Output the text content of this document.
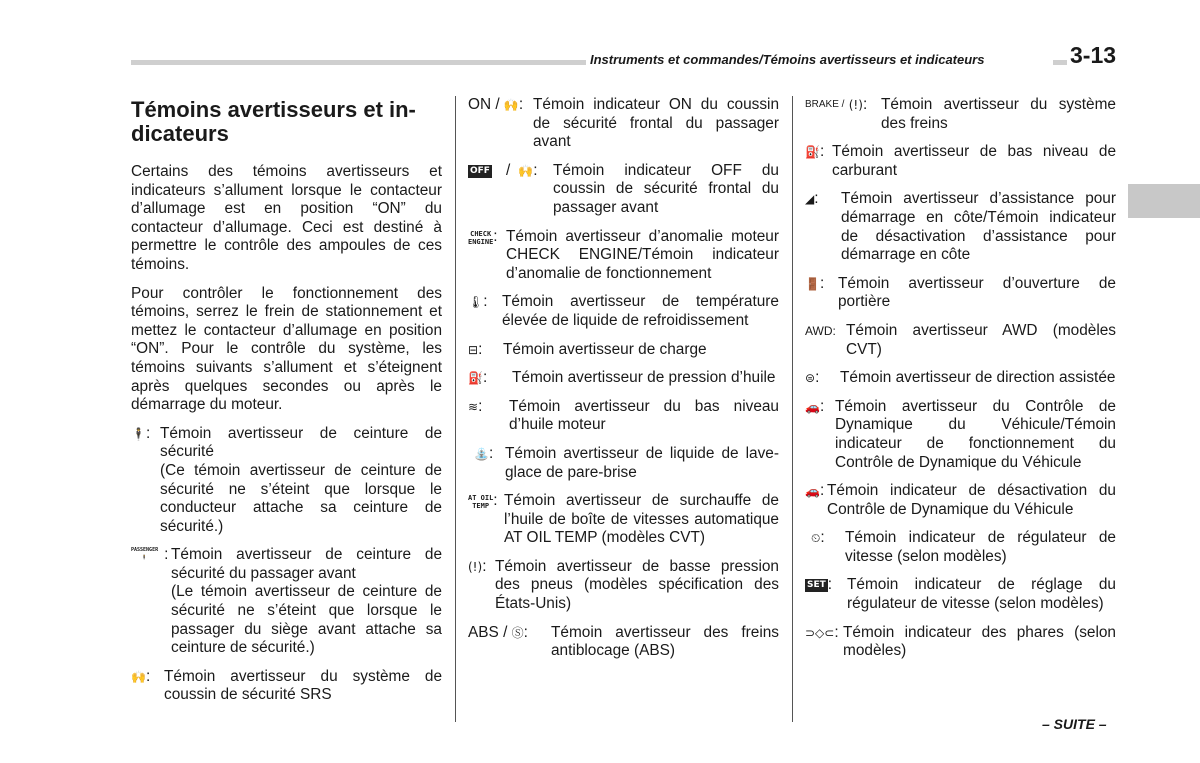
Instruments et commandes/Témoins avertisseurs et indicateurs	3-13
Témoins avertisseurs et in-dicateurs
Certains des témoins avertisseurs et indicateurs s’allument lorsque le contacteur d’allumage est en position “ON” du contacteur d’allumage. Ceci est destiné à permettre le contrôle des ampoules de ces témoins.
Pour contrôler le fonctionnement des témoins, serrez le frein de stationnement et mettez le contacteur d’allumage en position “ON”. Pour le contrôle du système, les témoins suivants s’allument et s’éteignent après quelques secondes ou après le démarrage du moteur.
🕴 : Témoin avertisseur de ceinture de sécurité
(Ce témoin avertisseur de ceinture de sécurité ne s’éteint que lorsque le conducteur attache sa ceinture de sécurité.)
PASSENGER
🕴	: Témoin avertisseur de ceinture de sécurité du passager avant
(Le témoin avertisseur de ceinture de sécurité ne s’éteint que lorsque le passager du siège avant attache sa ceinture de sécurité.)
🙌 : Témoin avertisseur du système de coussin de sécurité SRS
ON /
🙌 : Témoin indicateur ON du coussin de sécurité frontal du passager avant
OFF / 🙌 : Témoin indicateur OFF du coussin de sécurité frontal du passager avant
CHECK
ENGINE : Témoin avertisseur d’anomalie moteur CHECK ENGINE/Témoin indicateur d’anomalie de fonctionnement
🌡 : Témoin avertisseur de température élevée de liquide de refroidissement
⊟ : Témoin avertisseur de charge
⛽ : Témoin avertisseur de pression d’huile
≋ : Témoin avertisseur du bas niveau d’huile moteur
⛲ : Témoin avertisseur de liquide de lave-glace de pare-brise
AT OIL
TEMP : Témoin avertisseur de surchauffe de l’huile de boîte de vitesses automatique AT OIL TEMP (modèles CVT)
(!) : Témoin avertisseur de basse pression des pneus (modèles spécification des États-Unis)
ABS /
Ⓢ : Témoin avertisseur des freins antiblocage (ABS)
BRAKE /
(!) : Témoin avertisseur du système des freins
⛽ : Témoin avertisseur de bas niveau de carburant
◢ : Témoin avertisseur d’assistance pour démarrage en côte/Témoin indicateur de désactivation d’assistance pour démarrage en côte
🚪 : Témoin avertisseur d’ouverture de portière
AWD: Témoin avertisseur AWD (modèles CVT)
⊜ : Témoin avertisseur de direction assistée
🚗 : Témoin avertisseur du Contrôle de Dynamique du Véhicule/Témoin indicateur de fonctionnement du Contrôle de Dynamique du Véhicule
🚗 : Témoin indicateur de désactivation du Contrôle de Dynamique du Véhicule
⏲ : Témoin indicateur de régulateur de vitesse (selon modèles)
SET : Témoin indicateur de réglage du régulateur de vitesse (selon modèles)
⊃◇⊂ : Témoin indicateur des phares (selon modèles)
– SUITE –
